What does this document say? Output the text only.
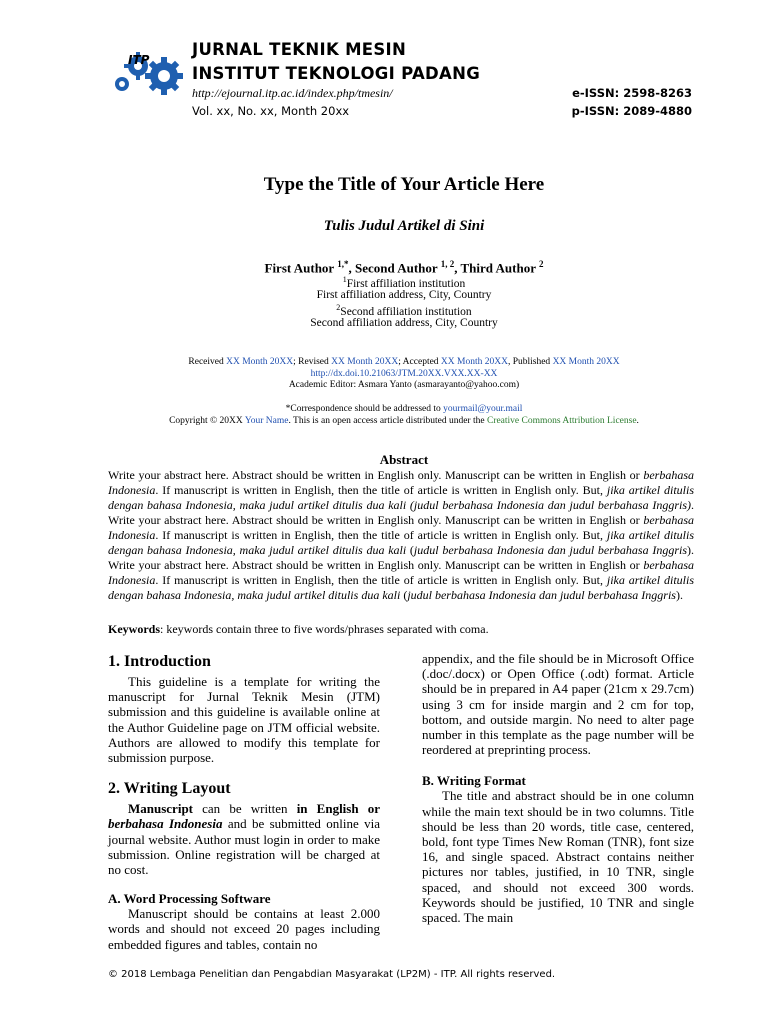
ITP
JURNAL TEKNIK MESIN
INSTITUT TEKNOLOGI PADANG
http://ejournal.itp.ac.id/index.php/tmesin/
Vol. xx, No. xx, Month 20xx
e-ISSN: 2598-8263
p-ISSN: 2089-4880
Type the Title of Your Article Here
Tulis Judul Artikel di Sini
First Author $^{1,*}$, Second Author $^{1, 2}$, Third Author $^2$
$^1$First affiliation institution
First affiliation address, City, Country
$^2$Second affiliation institution
Second affiliation address, City, Country
Received XX Month 20XX; Revised XX Month 20XX; Accepted XX Month 20XX, Published XX Month 20XX
http://dx.doi.10.21063/JTM.20XX.VXX.XX-XX
Academic Editor: Asmara Yanto (asmarayanto@yahoo.com)
*Correspondence should be addressed to yourmail@your.mail
Copyright © 20XX Your Name. This is an open access article distributed under the Creative Commons Attribution License.
Abstract

Write your abstract here. Abstract should be written in English only. Manuscript can be written in English or berbahasa Indonesia. If manuscript is written in English, then the title of article is written in English only. But, jika artikel ditulis dengan bahasa Indonesia, maka judul artikel ditulis dua kali (judul berbahasa Indonesia dan judul berbahasa Inggris). Write your abstract here. Abstract should be written in English only. Manuscript can be written in English or berbahasa Indonesia. If manuscript is written in English, then the title of article is written in English only. But, jika artikel ditulis dengan bahasa Indonesia, maka judul artikel ditulis dua kali (judul berbahasa Indonesia dan judul berbahasa Inggris). Write your abstract here. Abstract should be written in English only. Manuscript can be written in English or berbahasa Indonesia. If manuscript is written in English, then the title of article is written in English only. But, jika artikel ditulis dengan bahasa Indonesia, maka judul artikel ditulis dua kali (judul berbahasa Indonesia dan judul berbahasa Inggris).

Keywords: keywords contain three to five words/phrases separated with coma.
1. Introduction

This guideline is a template for writing the manuscript for Jurnal Teknik Mesin (JTM) submission and this guideline is available online at the Author Guideline page on JTM official website. Authors are allowed to modify this template for submission purpose.

2. Writing Layout

Manuscript can be written in English or berbahasa Indonesia and be submitted online via journal website. Author must login in order to make submission. Online registration will be charged at no cost.

A. Word Processing Software

Manuscript should be contains at least 2.000 words and should not exceed 20 pages including embedded figures and tables, contain no

appendix, and the file should be in Microsoft Office (.doc/.docx) or Open Office (.odt) format. Article should be in prepared in A4 paper (21cm x 29.7cm) using 3 cm for inside margin and 2 cm for top, bottom, and outside margin. No need to alter page number in this template as the page number will be reordered at preprinting process.

B. Writing Format

The title and abstract should be in one column while the main text should be in two columns. Title should be less than 20 words, title case, centered, bold, font type Times New Roman (TNR), font size 16, and single spaced. Abstract contains neither pictures nor tables, justified, in 10 TNR, single spaced, and should not exceed 300 words. Keywords should be justified, 10 TNR and single spaced. The main

© 2018 Lembaga Penelitian dan Pengabdian Masyarakat (LP2M) - ITP. All rights reserved.
